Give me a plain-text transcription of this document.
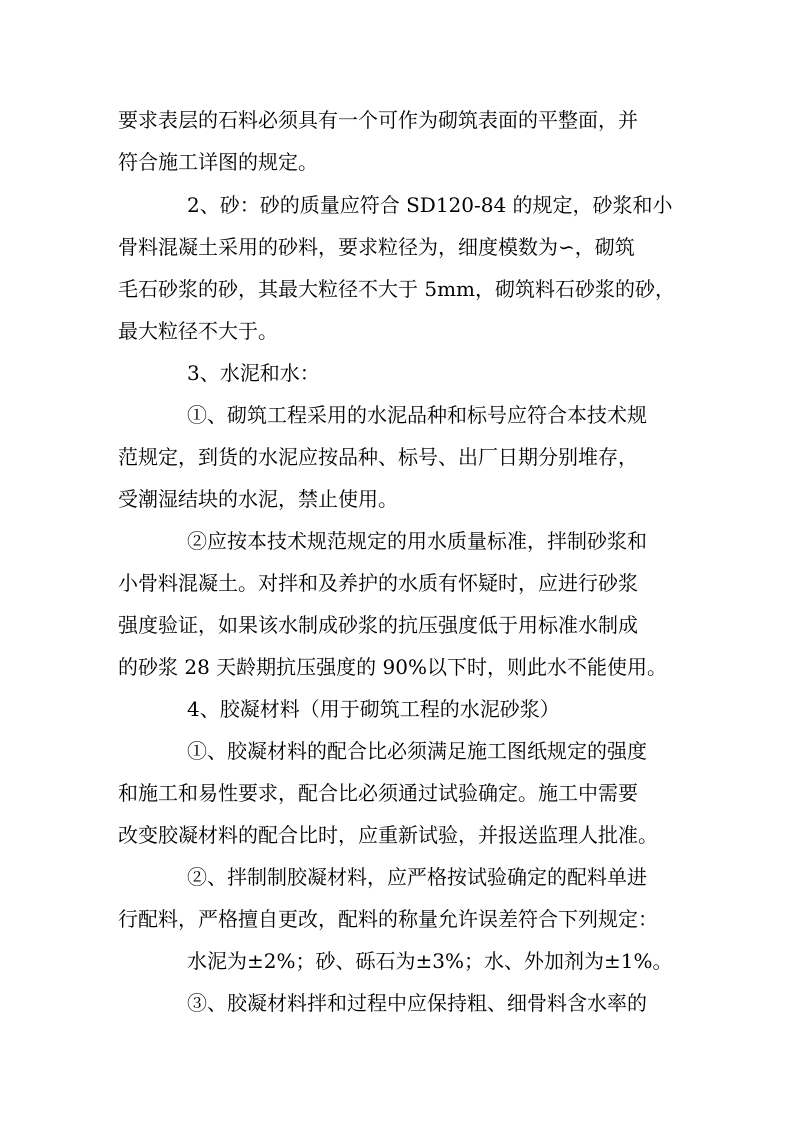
要求表层的石料必须具有一个可作为砌筑表面的平整面，并
符合施工详图的规定。
2、砂：砂的质量应符合 SD120-84 的规定，砂浆和小
骨料混凝土采用的砂料，要求粒径为，细度模数为∽，砌筑
毛石砂浆的砂，其最大粒径不大于 5mm，砌筑料石砂浆的砂，
最大粒径不大于。
3、水泥和水：
①、砌筑工程采用的水泥品种和标号应符合本技术规
范规定，到货的水泥应按品种、标号、出厂日期分别堆存，
受潮湿结块的水泥，禁止使用。
②应按本技术规范规定的用水质量标准，拌制砂浆和
小骨料混凝土。对拌和及养护的水质有怀疑时，应进行砂浆
强度验证，如果该水制成砂浆的抗压强度低于用标准水制成
的砂浆 28 天龄期抗压强度的 90%以下时，则此水不能使用。
4、胶凝材料（用于砌筑工程的水泥砂浆）
①、胶凝材料的配合比必须满足施工图纸规定的强度
和施工和易性要求，配合比必须通过试验确定。施工中需要
改变胶凝材料的配合比时，应重新试验，并报送监理人批准。
②、拌制制胶凝材料，应严格按试验确定的配料单进
行配料，严格擅自更改，配料的称量允许误差符合下列规定：
水泥为±2%；砂、砾石为±3%；水、外加剂为±1%。
③、胶凝材料拌和过程中应保持粗、细骨料含水率的
